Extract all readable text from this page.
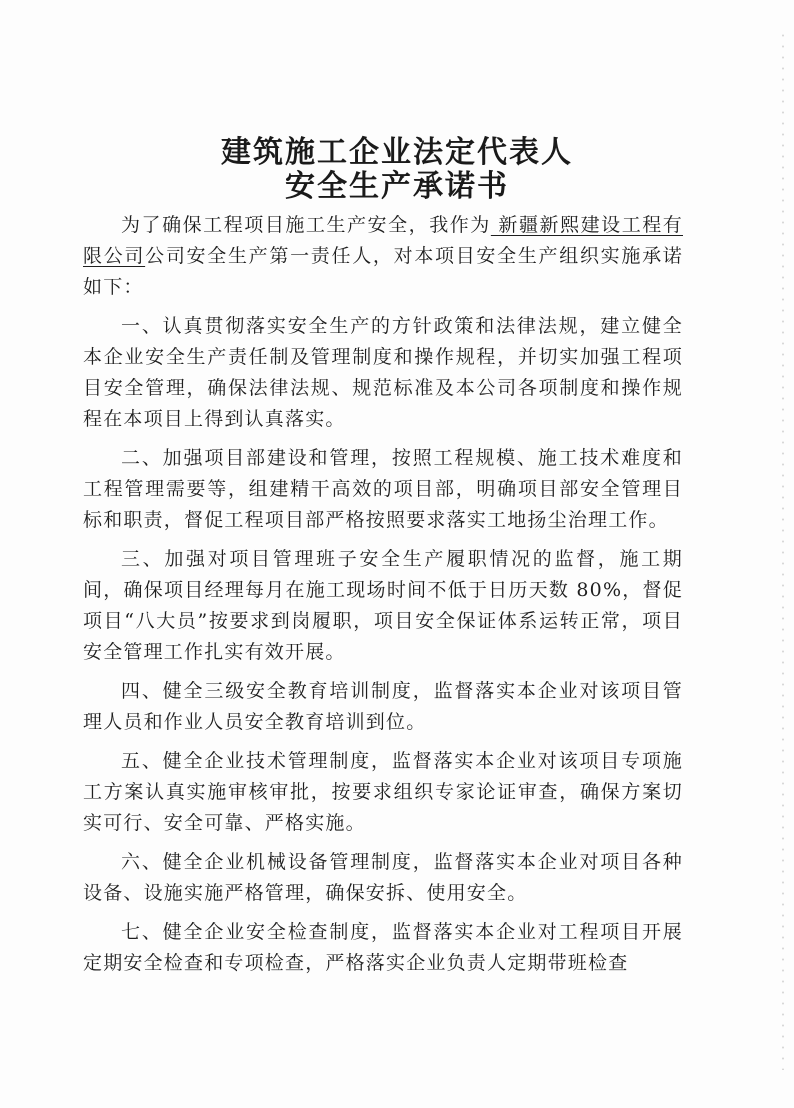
建筑施工企业法定代表人
安全生产承诺书

为了确保工程项目施工生产安全，我作为 新疆新熙建设工程有限公司公司安全生产第一责任人，对本项目安全生产组织实施承诺如下：

一、认真贯彻落实安全生产的方针政策和法律法规，建立健全本企业安全生产责任制及管理制度和操作规程，并切实加强工程项目安全管理，确保法律法规、规范标准及本公司各项制度和操作规程在本项目上得到认真落实。

二、加强项目部建设和管理，按照工程规模、施工技术难度和工程管理需要等，组建精干高效的项目部，明确项目部安全管理目标和职责，督促工程项目部严格按照要求落实工地扬尘治理工作。

三、加强对项目管理班子安全生产履职情况的监督，施工期间，确保项目经理每月在施工现场时间不低于日历天数 80%，督促项目“八大员”按要求到岗履职，项目安全保证体系运转正常，项目安全管理工作扎实有效开展。

四、健全三级安全教育培训制度，监督落实本企业对该项目管理人员和作业人员安全教育培训到位。

五、健全企业技术管理制度，监督落实本企业对该项目专项施工方案认真实施审核审批，按要求组织专家论证审查，确保方案切实可行、安全可靠、严格实施。

六、健全企业机械设备管理制度，监督落实本企业对项目各种设备、设施实施严格管理，确保安拆、使用安全。

七、健全企业安全检查制度，监督落实本企业对工程项目开展定期安全检查和专项检查，严格落实企业负责人定期带班检查
